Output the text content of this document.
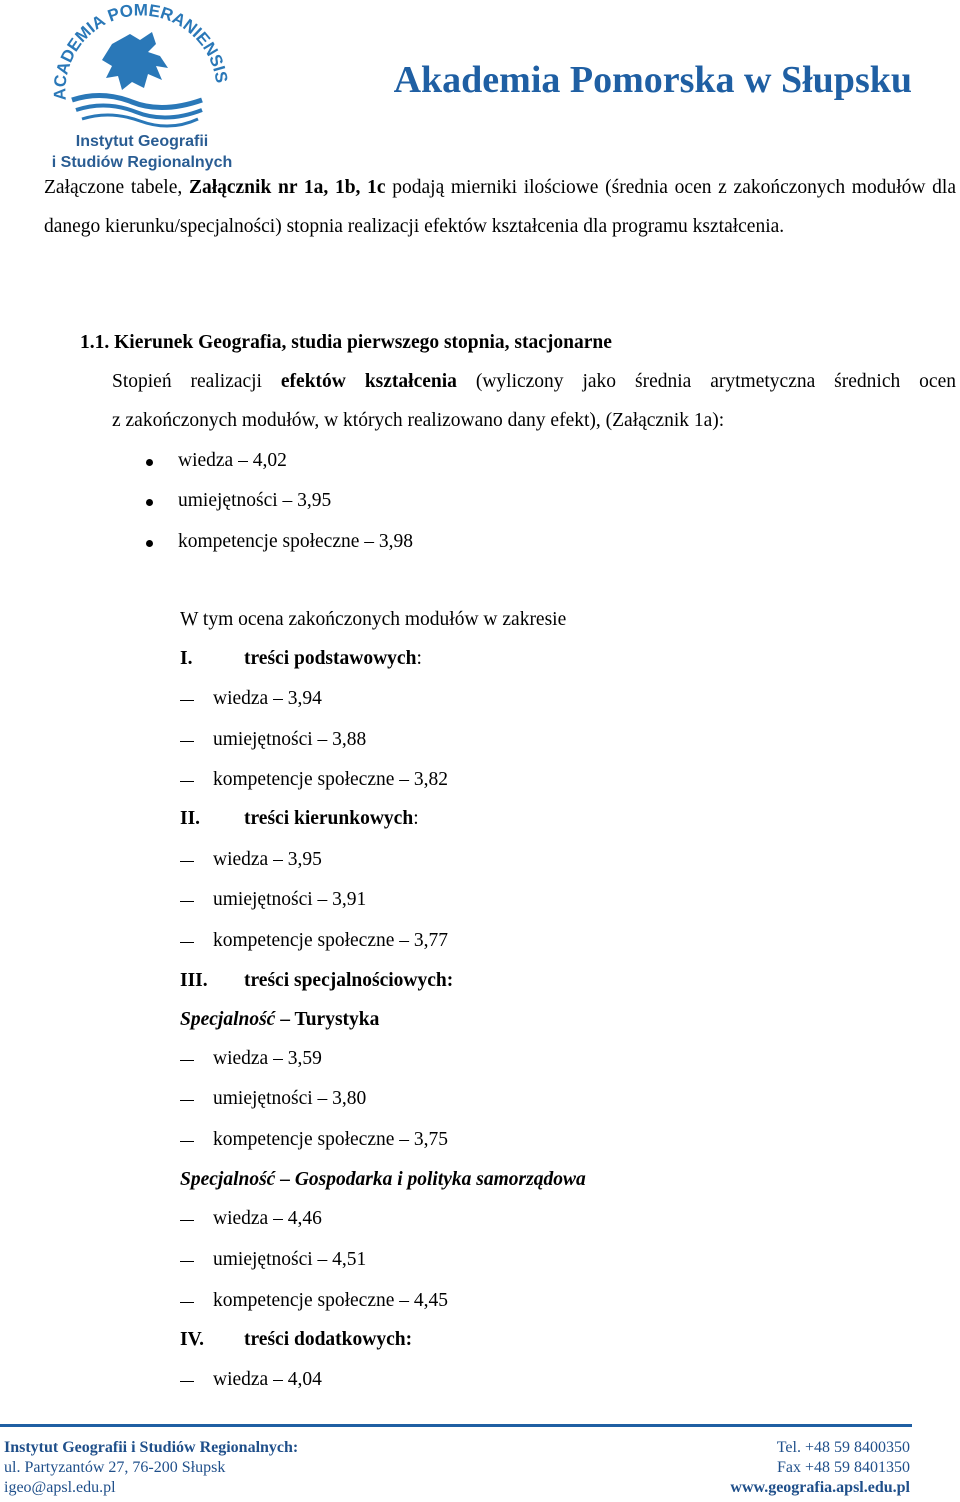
ACADEMIA POMERANIENSIS
Instytut Geografii
i Studiów Regionalnych
Akademia Pomorska w Słupsku
Załączone tabele, Załącznik nr 1a, 1b, 1c podają mierniki ilościowe (średnia ocen z zakończonych modułów dla danego kierunku/specjalności) stopnia realizacji efektów kształcenia dla programu kształcenia.
1.1. Kierunek Geografia, studia pierwszego stopnia, stacjonarne
Stopień realizacji efektów kształcenia (wyliczony jako średnia arytmetyczna średnich ocen
z zakończonych modułów, w których realizowano dany efekt), (Załącznik 1a):
wiedza – 4,02
umiejętności – 3,95
kompetencje społeczne – 3,98
W tym ocena zakończonych modułów w zakresie
I.	treści podstawowych:
wiedza – 3,94
umiejętności – 3,88
kompetencje społeczne – 3,82
II. treści kierunkowych:
wiedza – 3,95
umiejętności – 3,91
kompetencje społeczne – 3,77
III. treści specjalnościowych:
Specjalność – Turystyka
wiedza – 3,59
umiejętności – 3,80
kompetencje społeczne – 3,75
Specjalność – Gospodarka i polityka samorządowa
wiedza – 4,46
umiejętności – 4,51
kompetencje społeczne – 4,45
IV. treści dodatkowych:
wiedza – 4,04
Instytut Geografii i Studiów Regionalnych:
ul. Partyzantów 27, 76-200 Słupsk
igeo@apsl.edu.pl
Tel. +48 59 8400350
Fax +48 59 8401350
www.geografia.apsl.edu.pl
